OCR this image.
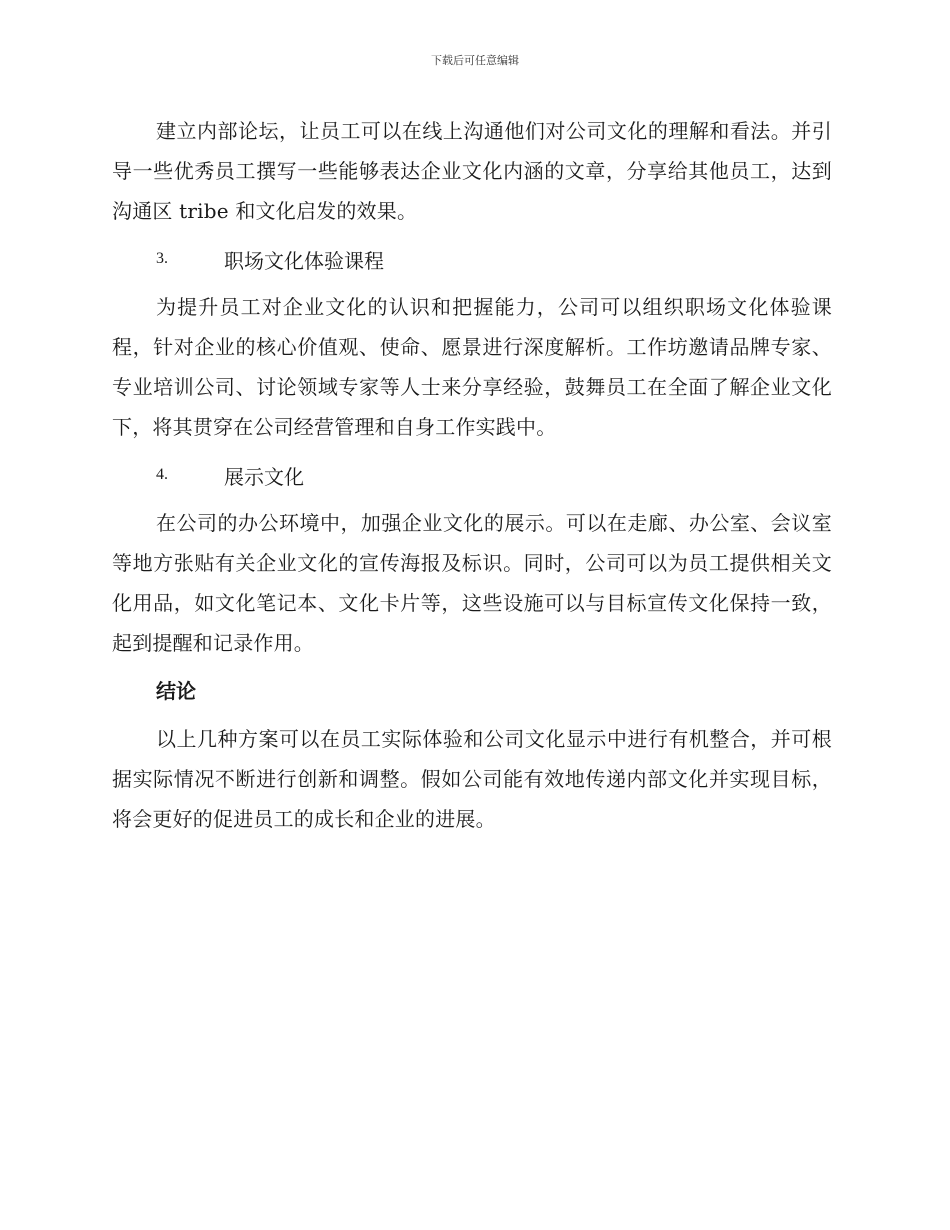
下载后可任意编辑

建立内部论坛，让员工可以在线上沟通他们对公司文化的理解和看法。并引导一些优秀员工撰写一些能够表达企业文化内涵的文章，分享给其他员工，达到沟通区 tribe 和文化启发的效果。

3.	职场文化体验课程

为提升员工对企业文化的认识和把握能力，公司可以组织职场文化体验课程，针对企业的核心价值观、使命、愿景进行深度解析。工作坊邀请品牌专家、专业培训公司、讨论领域专家等人士来分享经验，鼓舞员工在全面了解企业文化下，将其贯穿在公司经营管理和自身工作实践中。

4.	展示文化

在公司的办公环境中，加强企业文化的展示。可以在走廊、办公室、会议室等地方张贴有关企业文化的宣传海报及标识。同时，公司可以为员工提供相关文化用品，如文化笔记本、文化卡片等，这些设施可以与目标宣传文化保持一致，起到提醒和记录作用。

结论

以上几种方案可以在员工实际体验和公司文化显示中进行有机整合，并可根据实际情况不断进行创新和调整。假如公司能有效地传递内部文化并实现目标，将会更好的促进员工的成长和企业的进展。
